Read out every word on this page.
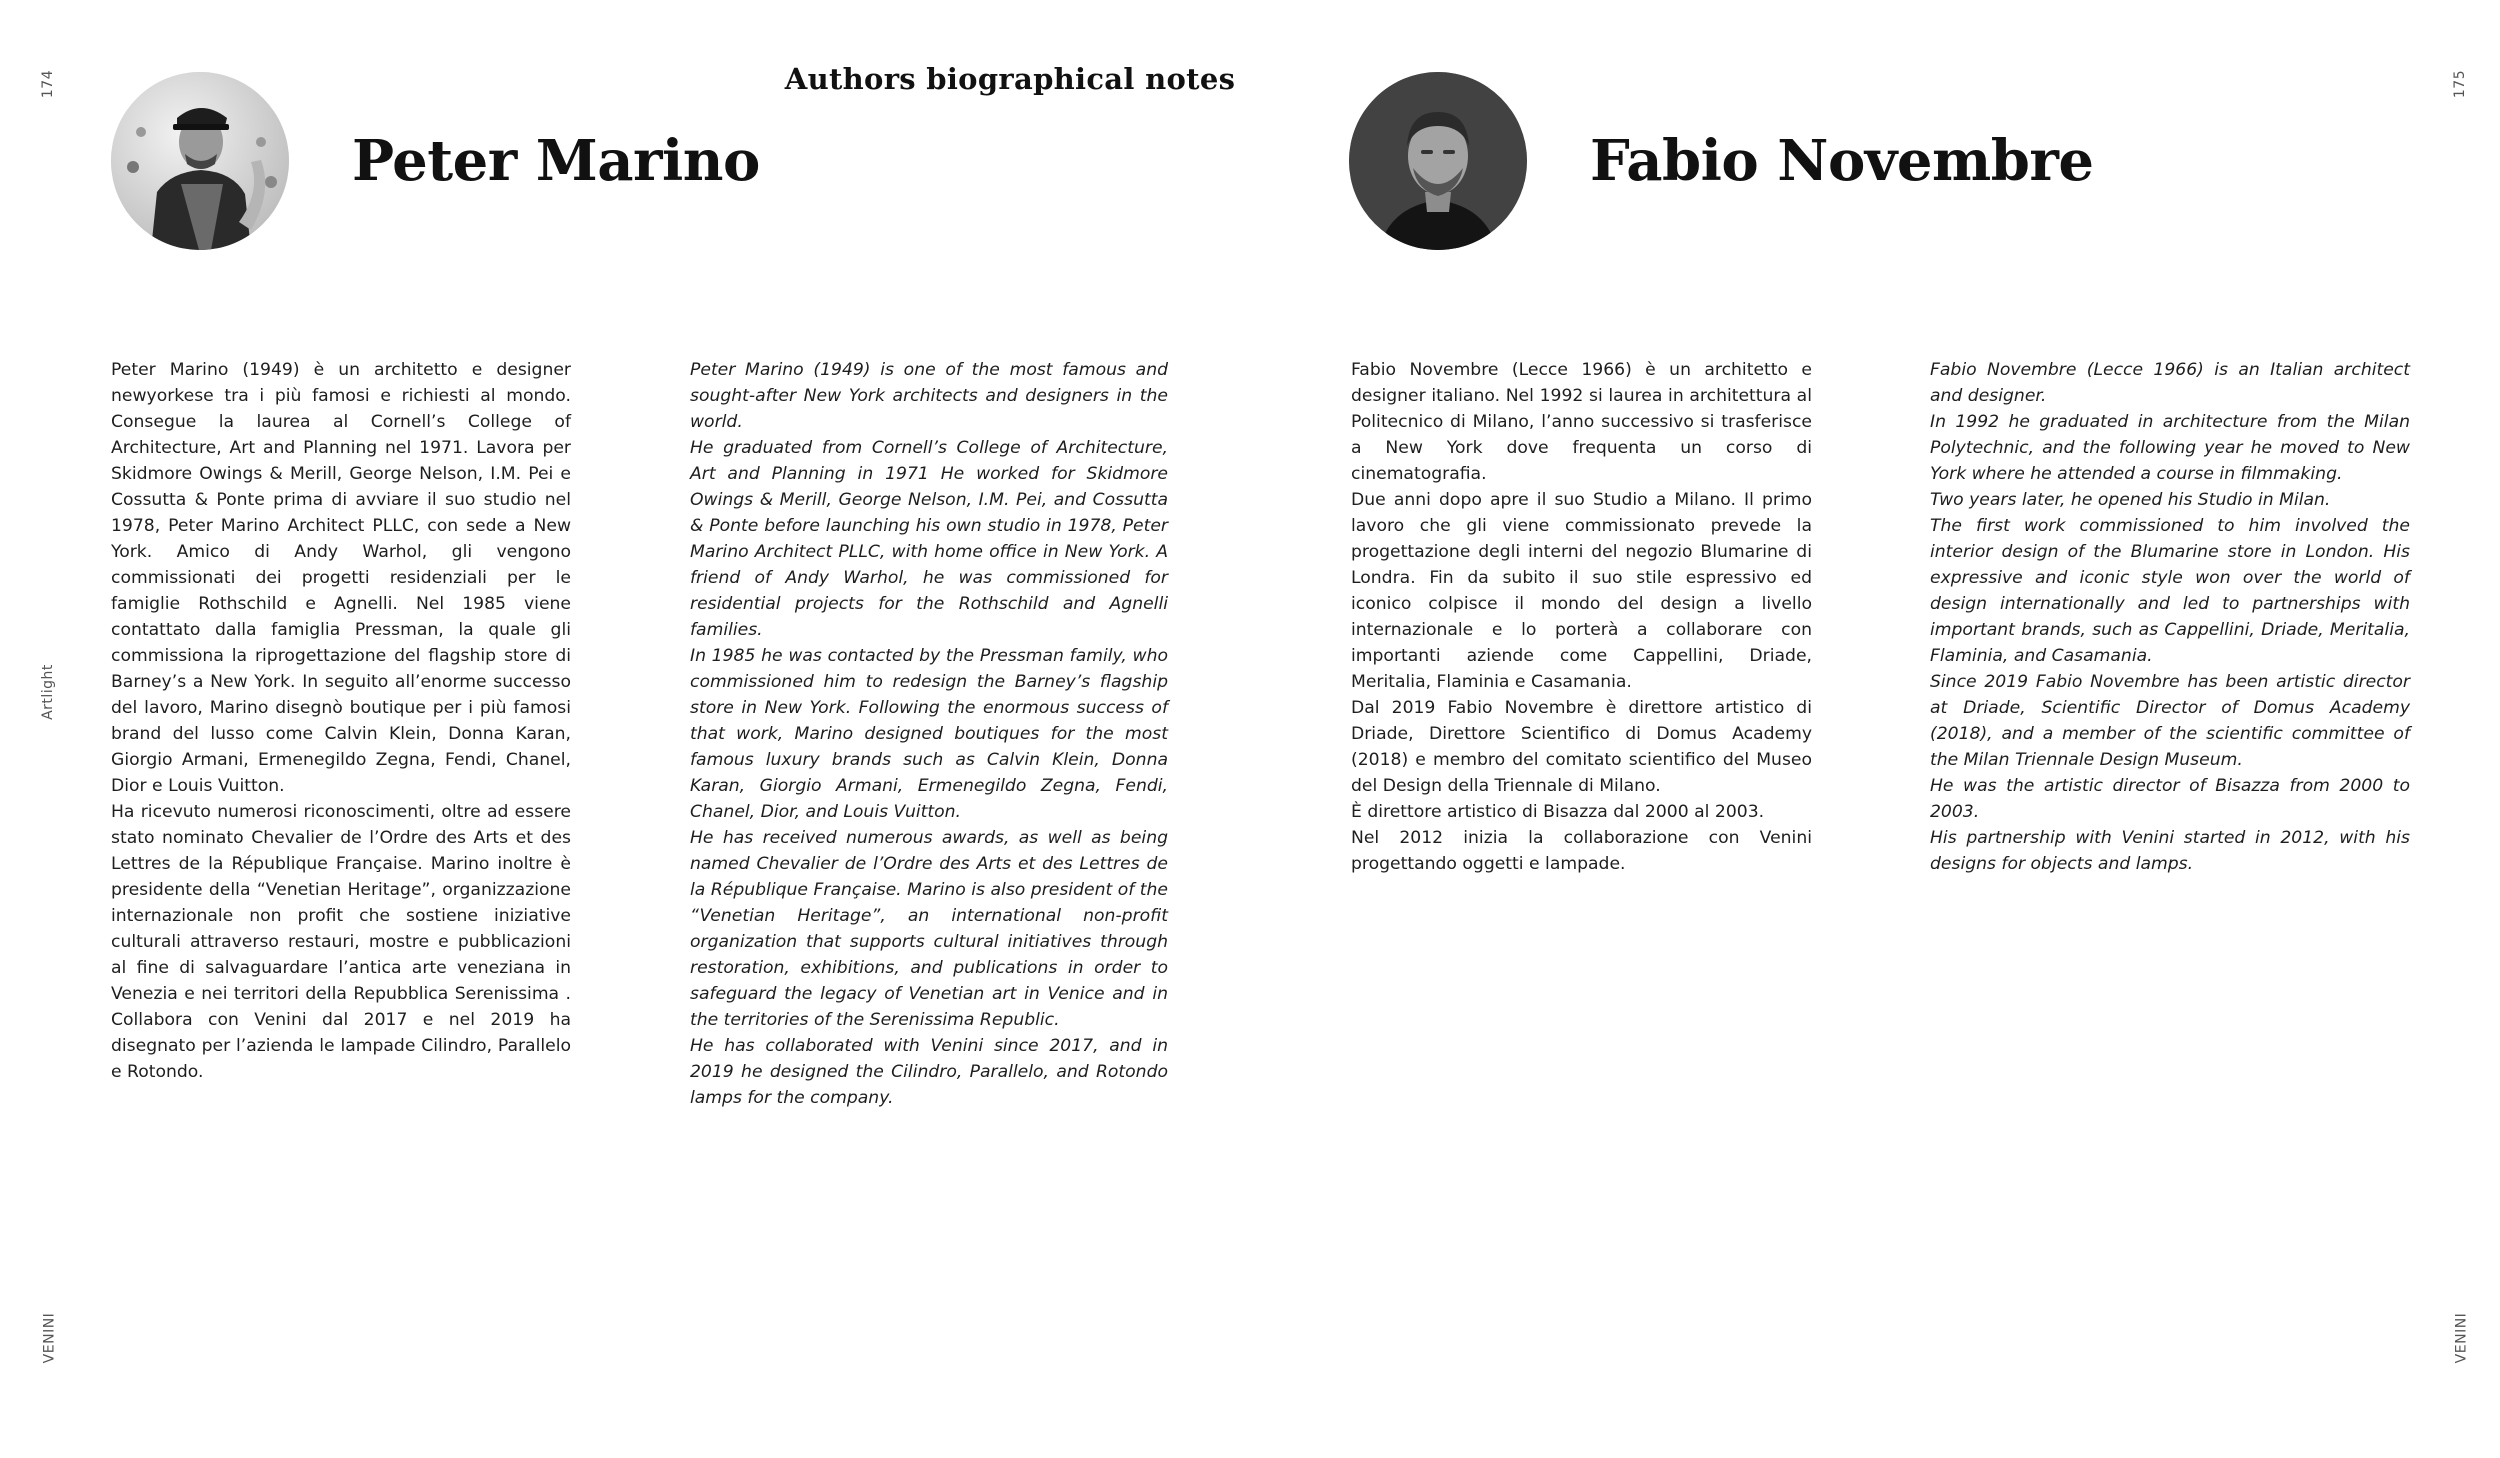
174	175
Artlight
VENINI	VENINI
Authors biographical notes
Peter Marino	Fabio Novembre

Peter Marino (1949) è un architetto e designer newyorkese tra i più famosi e richiesti al mondo. Consegue la laurea al Cornell’s College of Architecture, Art and Planning nel 1971. Lavora per Skidmore Owings & Merill, George Nelson, I.M. Pei e Cossutta & Ponte prima di avviare il suo studio nel 1978, Peter Marino Architect PLLC, con sede a New York. Amico di Andy Warhol, gli vengono commissionati dei progetti residenziali per le famiglie Rothschild e Agnelli. Nel 1985 viene contattato dalla famiglia Pressman, la quale gli commissiona la riprogettazione del flagship store di Barney’s a New York. In seguito all’enorme successo del lavoro, Marino disegnò boutique per i più famosi brand del lusso come Calvin Klein, Donna Karan, Giorgio Armani, Ermenegildo Zegna, Fendi, Chanel, Dior e Louis Vuitton.

Ha ricevuto numerosi riconoscimenti, oltre ad essere stato nominato Chevalier de l’Ordre des Arts et des Lettres de la République Française. Marino inoltre è presidente della “Venetian Heritage”, organizzazione internazionale non profit che sostiene iniziative culturali attraverso restauri, mostre e pubblicazioni al fine di salvaguardare l’antica arte veneziana in Venezia e nei territori della Repubblica Serenissima . Collabora con Venini dal 2017 e nel 2019 ha disegnato per l’azienda le lampade Cilindro, Parallelo e Rotondo.

Peter Marino (1949) is one of the most famous and sought-after New York architects and designers in the world.

He graduated from Cornell’s College of Architecture, Art and Planning in 1971 He worked for Skidmore Owings & Merill, George Nelson, I.M. Pei, and Cossutta & Ponte before launching his own studio in 1978, Peter Marino Architect PLLC, with home office in New York. A friend of Andy Warhol, he was commissioned for residential projects for the Rothschild and Agnelli families.

In 1985 he was contacted by the Pressman family, who commissioned him to redesign the Barney’s flagship store in New York. Following the enormous success of that work, Marino designed boutiques for the most famous luxury brands such as Calvin Klein, Donna Karan, Giorgio Armani, Ermenegildo Zegna, Fendi, Chanel, Dior, and Louis Vuitton.

He has received numerous awards, as well as being named Chevalier de l’Ordre des Arts et des Lettres de la République Française. Marino is also president of the “Venetian Heritage”, an international non-profit organization that supports cultural initiatives through restoration, exhibitions, and publications in order to safeguard the legacy of Venetian art in Venice and in the territories of the Serenissima Republic.

He has collaborated with Venini since 2017, and in 2019 he designed the Cilindro, Parallelo, and Rotondo lamps for the company.

Fabio Novembre (Lecce 1966) è un architetto e designer italiano. Nel 1992 si laurea in architettura al Politecnico di Milano, l’anno successivo si trasferisce a New York dove frequenta un corso di cinematografia.

Due anni dopo apre il suo Studio a Milano. Il primo lavoro che gli viene commissionato prevede la progettazione degli interni del negozio Blumarine di Londra. Fin da subito il suo stile espressivo ed iconico colpisce il mondo del design a livello internazionale e lo porterà a collaborare con importanti aziende come Cappellini, Driade, Meritalia, Flaminia e Casamania.

Dal 2019 Fabio Novembre è direttore artistico di Driade, Direttore Scientifico di Domus Academy (2018) e membro del comitato scientifico del Museo del Design della Triennale di Milano.

È direttore artistico di Bisazza dal 2000 al 2003.

Nel 2012 inizia la collaborazione con Venini progettando oggetti e lampade.

Fabio Novembre (Lecce 1966) is an Italian architect and designer.

In 1992 he graduated in architecture from the Milan Polytechnic, and the following year he moved to New York where he attended a course in filmmaking.

Two years later, he opened his Studio in Milan.

The first work commissioned to him involved the interior design of the Blumarine store in London. His expressive and iconic style won over the world of design internationally and led to partnerships with important brands, such as Cappellini, Driade, Meritalia, Flaminia, and Casamania.

Since 2019 Fabio Novembre has been artistic director at Driade, Scientific Director of Domus Academy (2018), and a member of the scientific committee of the Milan Triennale Design Museum.

He was the artistic director of Bisazza from 2000 to 2003.

His partnership with Venini started in 2012, with his designs for objects and lamps.
